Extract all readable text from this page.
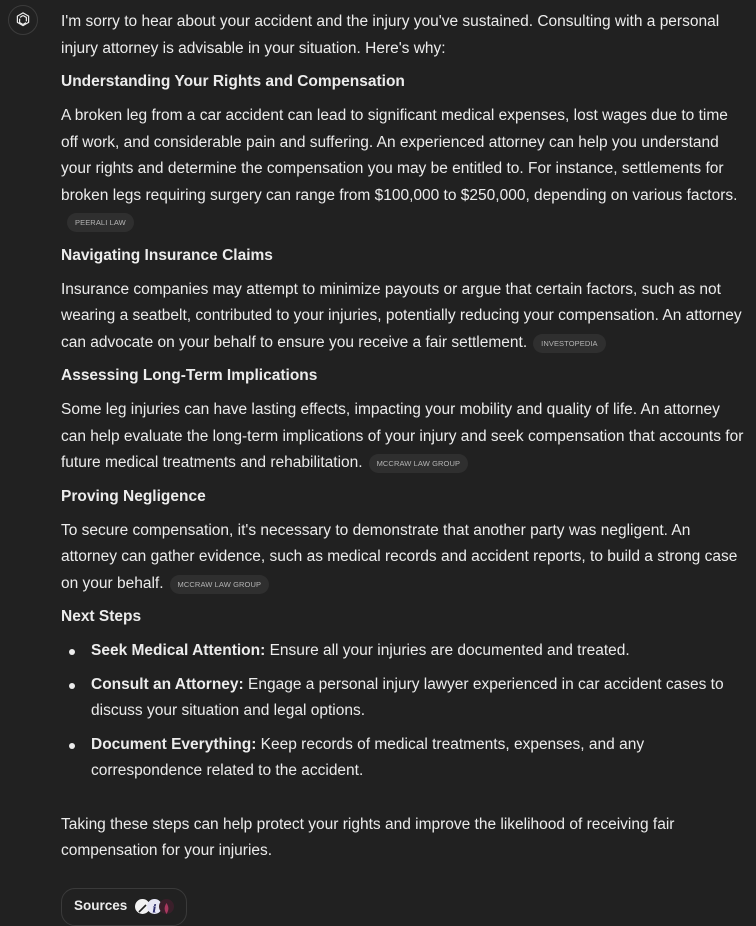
I'm sorry to hear about your accident and the injury you've sustained. Consulting with a personal injury attorney is advisable in your situation. Here's why:

Understanding Your Rights and Compensation

A broken leg from a car accident can lead to significant medical expenses, lost wages due to time off work, and considerable pain and suffering. An experienced attorney can help you understand your rights and determine the compensation you may be entitled to. For instance, settlements for broken legs requiring surgery can range from $100,000 to $250,000, depending on various factors.PEERALI LAW

Navigating Insurance Claims

Insurance companies may attempt to minimize payouts or argue that certain factors, such as not wearing a seatbelt, contributed to your injuries, potentially reducing your compensation. An attorney can advocate on your behalf to ensure you receive a fair settlement. INVESTOPEDIA

Assessing Long-Term Implications

Some leg injuries can have lasting effects, impacting your mobility and quality of life. An attorney can help evaluate the long-term implications of your injury and seek compensation that accounts for future medical treatments and rehabilitation. MCCRAW LAW GROUP

Proving Negligence

To secure compensation, it's necessary to demonstrate that another party was negligent. An attorney can gather evidence, such as medical records and accident reports, to build a strong case on your behalf. MCCRAW LAW GROUP

Next Steps
Seek Medical Attention: Ensure all your injuries are documented and treated.
Consult an Attorney: Engage a personal injury lawyer experienced in car accident cases to discuss your situation and legal options.
Document Everything: Keep records of medical treatments, expenses, and any correspondence related to the accident.

Taking these steps can help protect your rights and improve the likelihood of receiving fair compensation for your injuries.

Sources i
